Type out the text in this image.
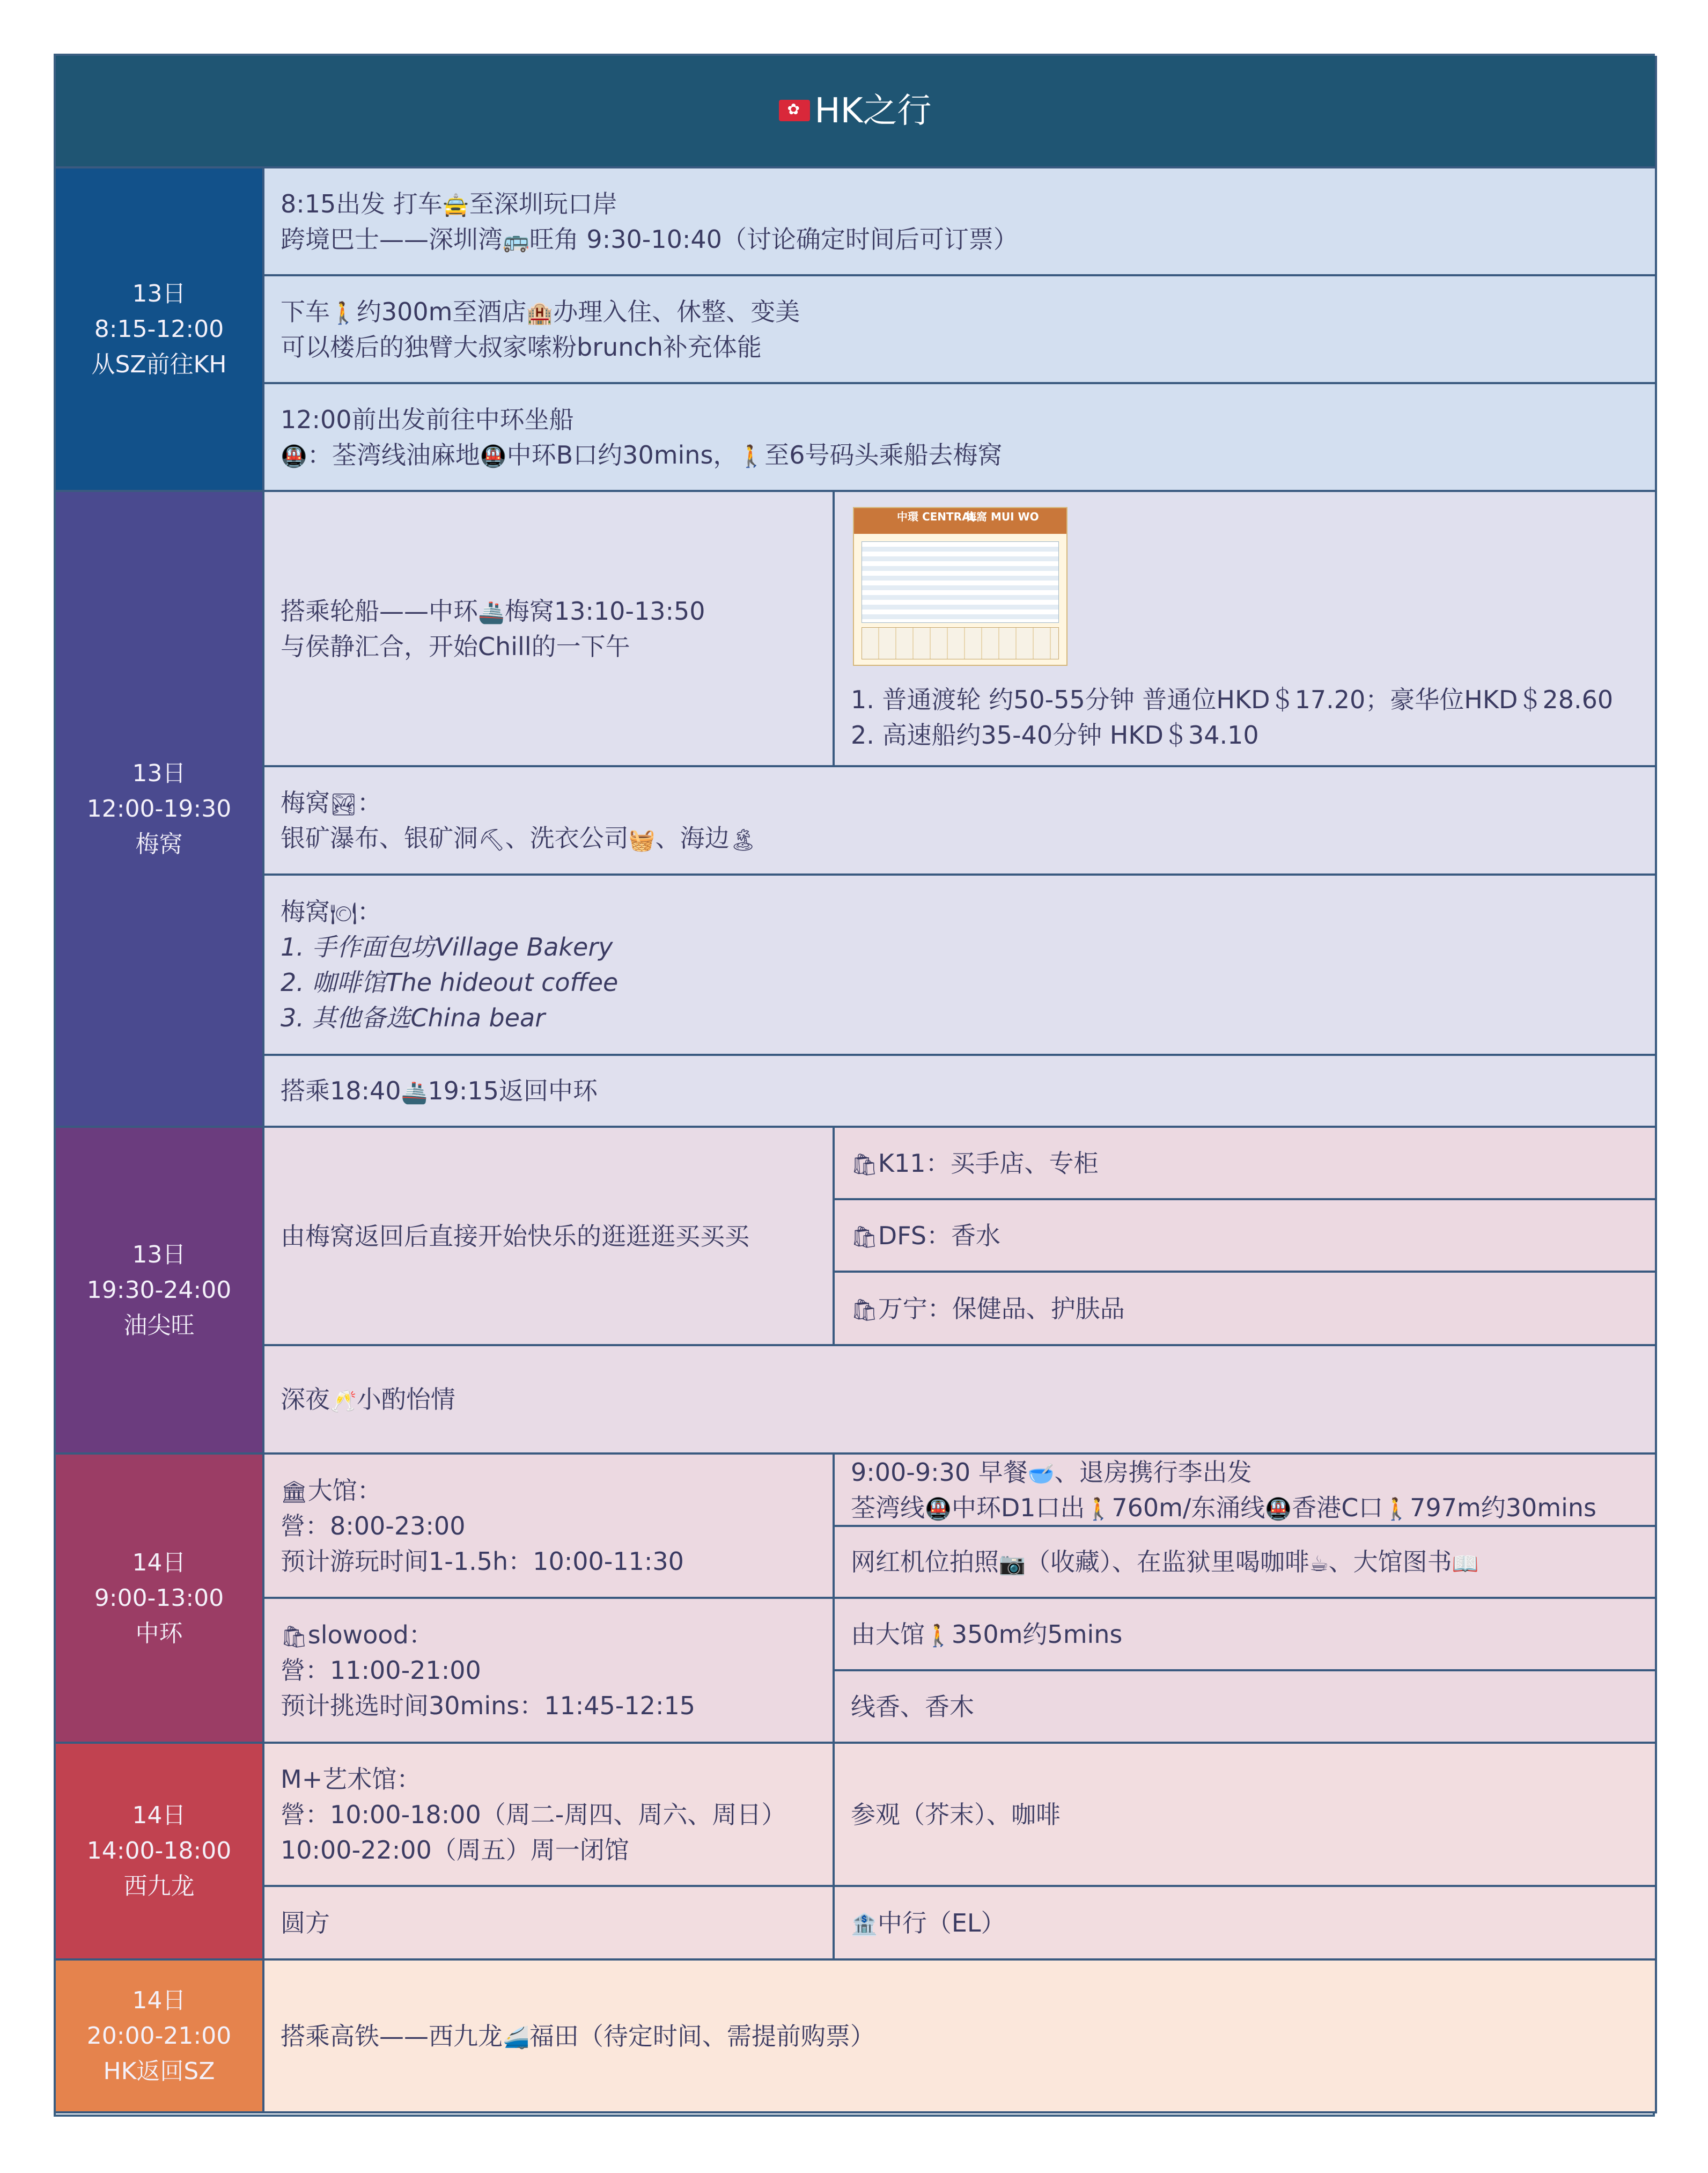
✿HK之行

13日

8:15-12:00

从SZ前往KH

8:15出发 打车🚖至深圳玩口岸

跨境巴士——深圳湾🚌旺角 9:30-10:40（讨论确定时间后可订票）

下车🚶约300m至酒店🏨办理入住、休整、变美

可以楼后的独臂大叔家嗦粉brunch补充体能

12:00前出发前往中环坐船

🚇：荃湾线油麻地🚇中环B口约30mins，🚶至6号码头乘船去梅窝

13日

12:00-19:30

梅窝

搭乘轮船——中环🚢梅窝13:10-13:50

与侯静汇合，开始Chill的一下午

中環 CENTRAL
梅窩 MUI WO

1. 普通渡轮 约50-55分钟 普通位HKD＄17.20；豪华位HKD＄28.60

2. 高速船约35-40分钟 HKD＄34.10

梅窝🏞：

银矿瀑布、银矿洞⛏、洗衣公司🧺、海边🏝

梅窝🍽：

1. 手作面包坊Village Bakery

2. 咖啡馆The hideout coffee

3. 其他备选China bear

搭乘18:40🚢19:15返回中环

13日

19:30-24:00

油尖旺

由梅窝返回后直接开始快乐的逛逛逛买买买

🛍K11：买手店、专柜

🛍DFS：香水

🛍万宁：保健品、护肤品

深夜🥂小酌怡情

14日

9:00-13:00

中环

🏛大馆：

營：8:00-23:00

预计游玩时间1-1.5h：10:00-11:30

9:00-9:30 早餐🥣、退房携行李出发

荃湾线🚇中环D1口出🚶760m/东涌线🚇香港C口🚶797m约30mins

网红机位拍照📷（收藏）、在监狱里喝咖啡☕、大馆图书📖

🛍slowood：

營：11:00-21:00

预计挑选时间30mins：11:45-12:15

由大馆🚶350m约5mins

线香、香木

14日

14:00-18:00

西九龙

M+艺术馆：

營：10:00-18:00（周二-周四、周六、周日）

10:00-22:00（周五）周一闭馆

参观（芥末）、咖啡

圆方	🏦中行（EL）

14日

20:00-21:00

HK返回SZ

搭乘高铁——西九龙🚄福田（待定时间、需提前购票）
